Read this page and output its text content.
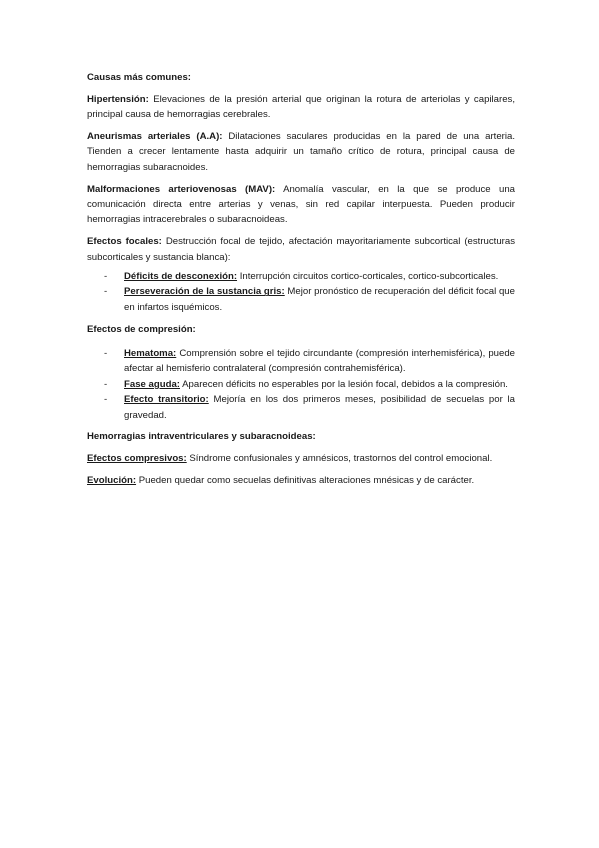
Causas más comunes:

Hipertensión: Elevaciones de la presión arterial que originan la rotura de arteriolas y capilares, principal causa de hemorragias cerebrales.

Aneurismas arteriales (A.A): Dilataciones saculares producidas en la pared de una arteria. Tienden a crecer lentamente hasta adquirir un tamaño crítico de rotura, principal causa de hemorragias subaracnoides.

Malformaciones arteriovenosas (MAV): Anomalía vascular, en la que se produce una comunicación directa entre arterias y venas, sin red capilar interpuesta. Pueden producir hemorragias intracerebrales o subaracnoideas.

Efectos focales: Destrucción focal de tejido, afectación mayoritariamente subcortical (estructuras subcorticales y sustancia blanca):

- Déficits de desconexión: Interrupción circuitos cortico-corticales, cortico-subcorticales.
- Perseveración de la sustancia gris: Mejor pronóstico de recuperación del déficit focal que en infartos isquémicos.

Efectos de compresión:

- Hematoma: Comprensión sobre el tejido circundante (compresión interhemisférica), puede afectar al hemisferio contralateral (compresión contrahemisférica).
- Fase aguda: Aparecen déficits no esperables por la lesión focal, debidos a la compresión.
- Efecto transitorio: Mejoría en los dos primeros meses, posibilidad de secuelas por la gravedad.

Hemorragias intraventriculares y subaracnoideas:

Efectos compresivos: Síndrome confusionales y amnésicos, trastornos del control emocional.

Evolución: Pueden quedar como secuelas definitivas alteraciones mnésicas y de carácter.
